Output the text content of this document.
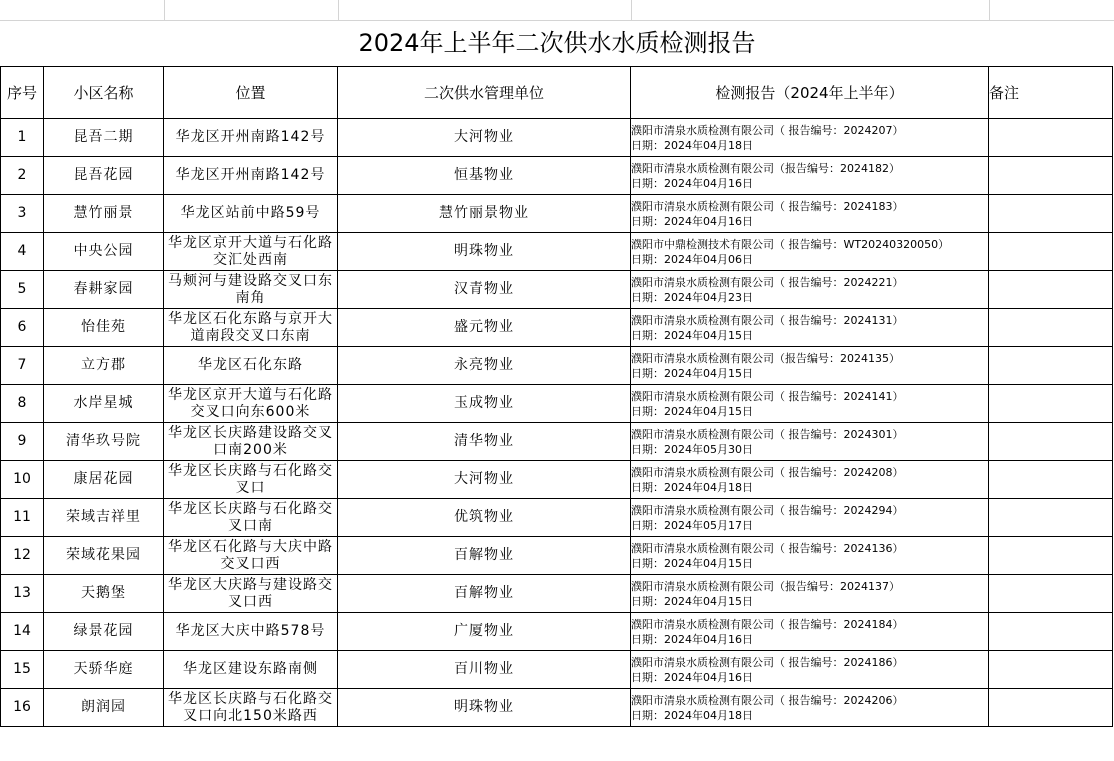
2024年上半年二次供水水质检测报告
序号	小区名称	位置	二次供水管理单位	检测报告（2024年上半年）	备注
1	昆吾二期	华龙区开州南路142号	大河物业	濮阳市清泉水质检测有限公司（ 报告编号：2024207）
日期：2024年04月18日	

2	昆吾花园	华龙区开州南路142号	恒基物业	濮阳市清泉水质检测有限公司（报告编号：2024182）
日期：2024年04月16日	

3	慧竹丽景	华龙区站前中路59号	慧竹丽景物业	濮阳市清泉水质检测有限公司（ 报告编号：2024183）
日期：2024年04月16日	

4	中央公园	华龙区京开大道与石化路交汇处西南	明珠物业	濮阳市中鼎检测技术有限公司（ 报告编号：WT20240320050）
日期：2024年04月06日	

5	春耕家园	马颊河与建设路交叉口东南角	汉青物业	濮阳市清泉水质检测有限公司（ 报告编号：2024221）
日期：2024年04月23日	

6	怡佳苑	华龙区石化东路与京开大道南段交叉口东南	盛元物业	濮阳市清泉水质检测有限公司（ 报告编号：2024131）
日期：2024年04月15日	

7	立方郡	华龙区石化东路	永亮物业	濮阳市清泉水质检测有限公司（报告编号：2024135）
日期：2024年04月15日	

8	水岸星城	华龙区京开大道与石化路交叉口向东600米	玉成物业	濮阳市清泉水质检测有限公司（ 报告编号：2024141）
日期：2024年04月15日	

9	清华玖号院	华龙区长庆路建设路交叉口南200米	清华物业	濮阳市清泉水质检测有限公司（ 报告编号：2024301）
日期：2024年05月30日	

10	康居花园	华龙区长庆路与石化路交叉口	大河物业	濮阳市清泉水质检测有限公司（ 报告编号：2024208）
日期：2024年04月18日	

11	荣域吉祥里	华龙区长庆路与石化路交叉口南	优筑物业	濮阳市清泉水质检测有限公司（ 报告编号：2024294）
日期：2024年05月17日	

12	荣域花果园	华龙区石化路与大庆中路交叉口西	百解物业	濮阳市清泉水质检测有限公司（ 报告编号：2024136）
日期：2024年04月15日	

13	天鹅堡	华龙区大庆路与建设路交叉口西	百解物业	濮阳市清泉水质检测有限公司（报告编号：2024137）
日期：2024年04月15日	

14	绿景花园	华龙区大庆中路578号	广厦物业	濮阳市清泉水质检测有限公司（ 报告编号：2024184）
日期：2024年04月16日	

15	天骄华庭	华龙区建设东路南侧	百川物业	濮阳市清泉水质检测有限公司（ 报告编号：2024186）
日期：2024年04月16日	

16	朗润园	华龙区长庆路与石化路交叉口向北150米路西	明珠物业	濮阳市清泉水质检测有限公司（ 报告编号：2024206）
日期：2024年04月18日	
